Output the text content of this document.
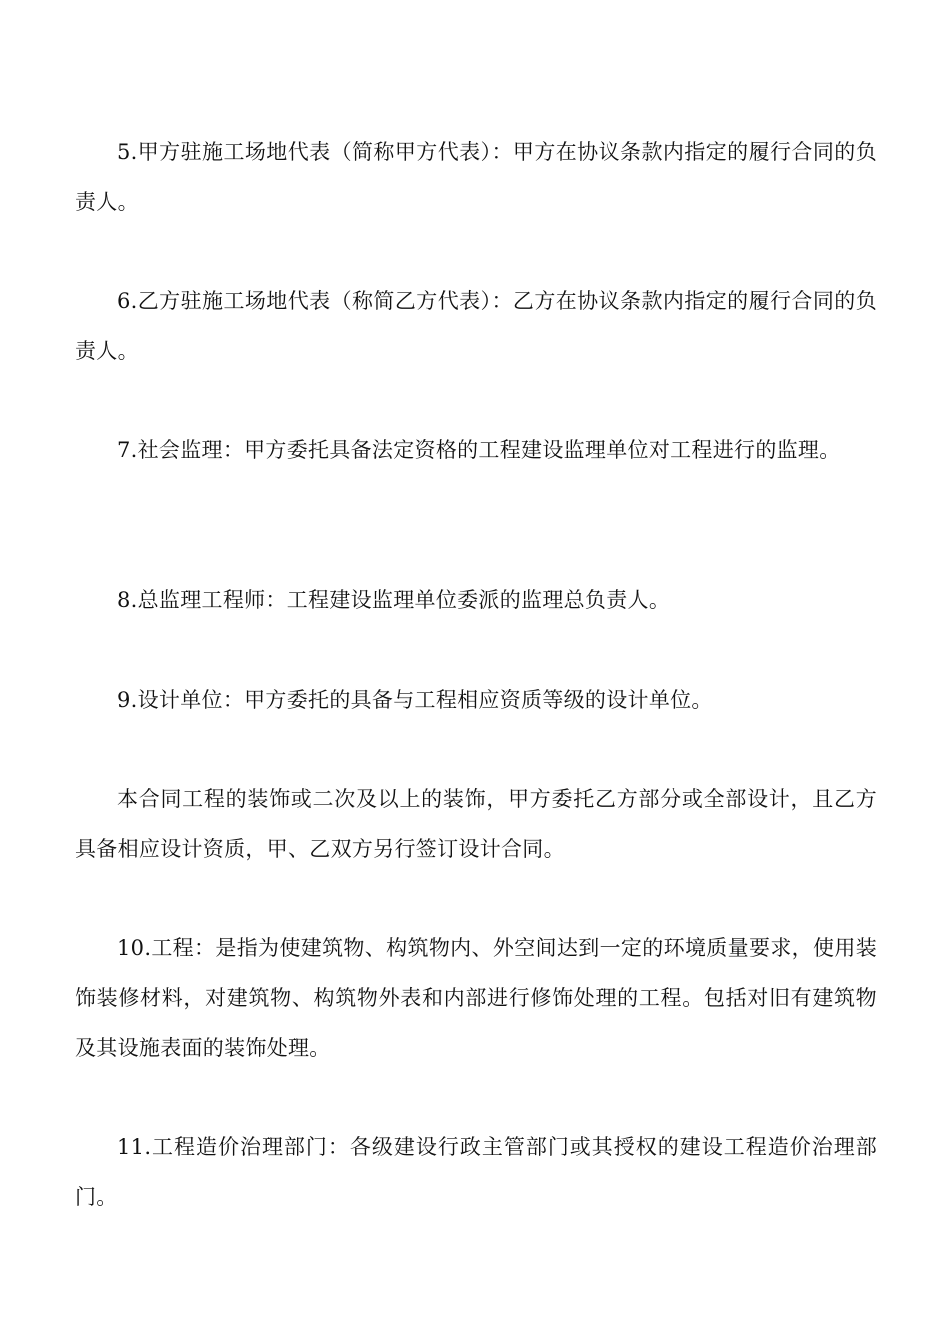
5.甲方驻施工场地代表（简称甲方代表）：甲方在协议条款内指定的履行合同的负责人。

6.乙方驻施工场地代表（称简乙方代表）：乙方在协议条款内指定的履行合同的负责人。

7.社会监理：甲方委托具备法定资格的工程建设监理单位对工程进行的监理。

8.总监理工程师：工程建设监理单位委派的监理总负责人。

9.设计单位：甲方委托的具备与工程相应资质等级的设计单位。

本合同工程的装饰或二次及以上的装饰，甲方委托乙方部分或全部设计，且乙方具备相应设计资质，甲、乙双方另行签订设计合同。

10.工程：是指为使建筑物、构筑物内、外空间达到一定的环境质量要求，使用装饰装修材料，对建筑物、构筑物外表和内部进行修饰处理的工程。包括对旧有建筑物及其设施表面的装饰处理。

11.工程造价治理部门：各级建设行政主管部门或其授权的建设工程造价治理部门。
